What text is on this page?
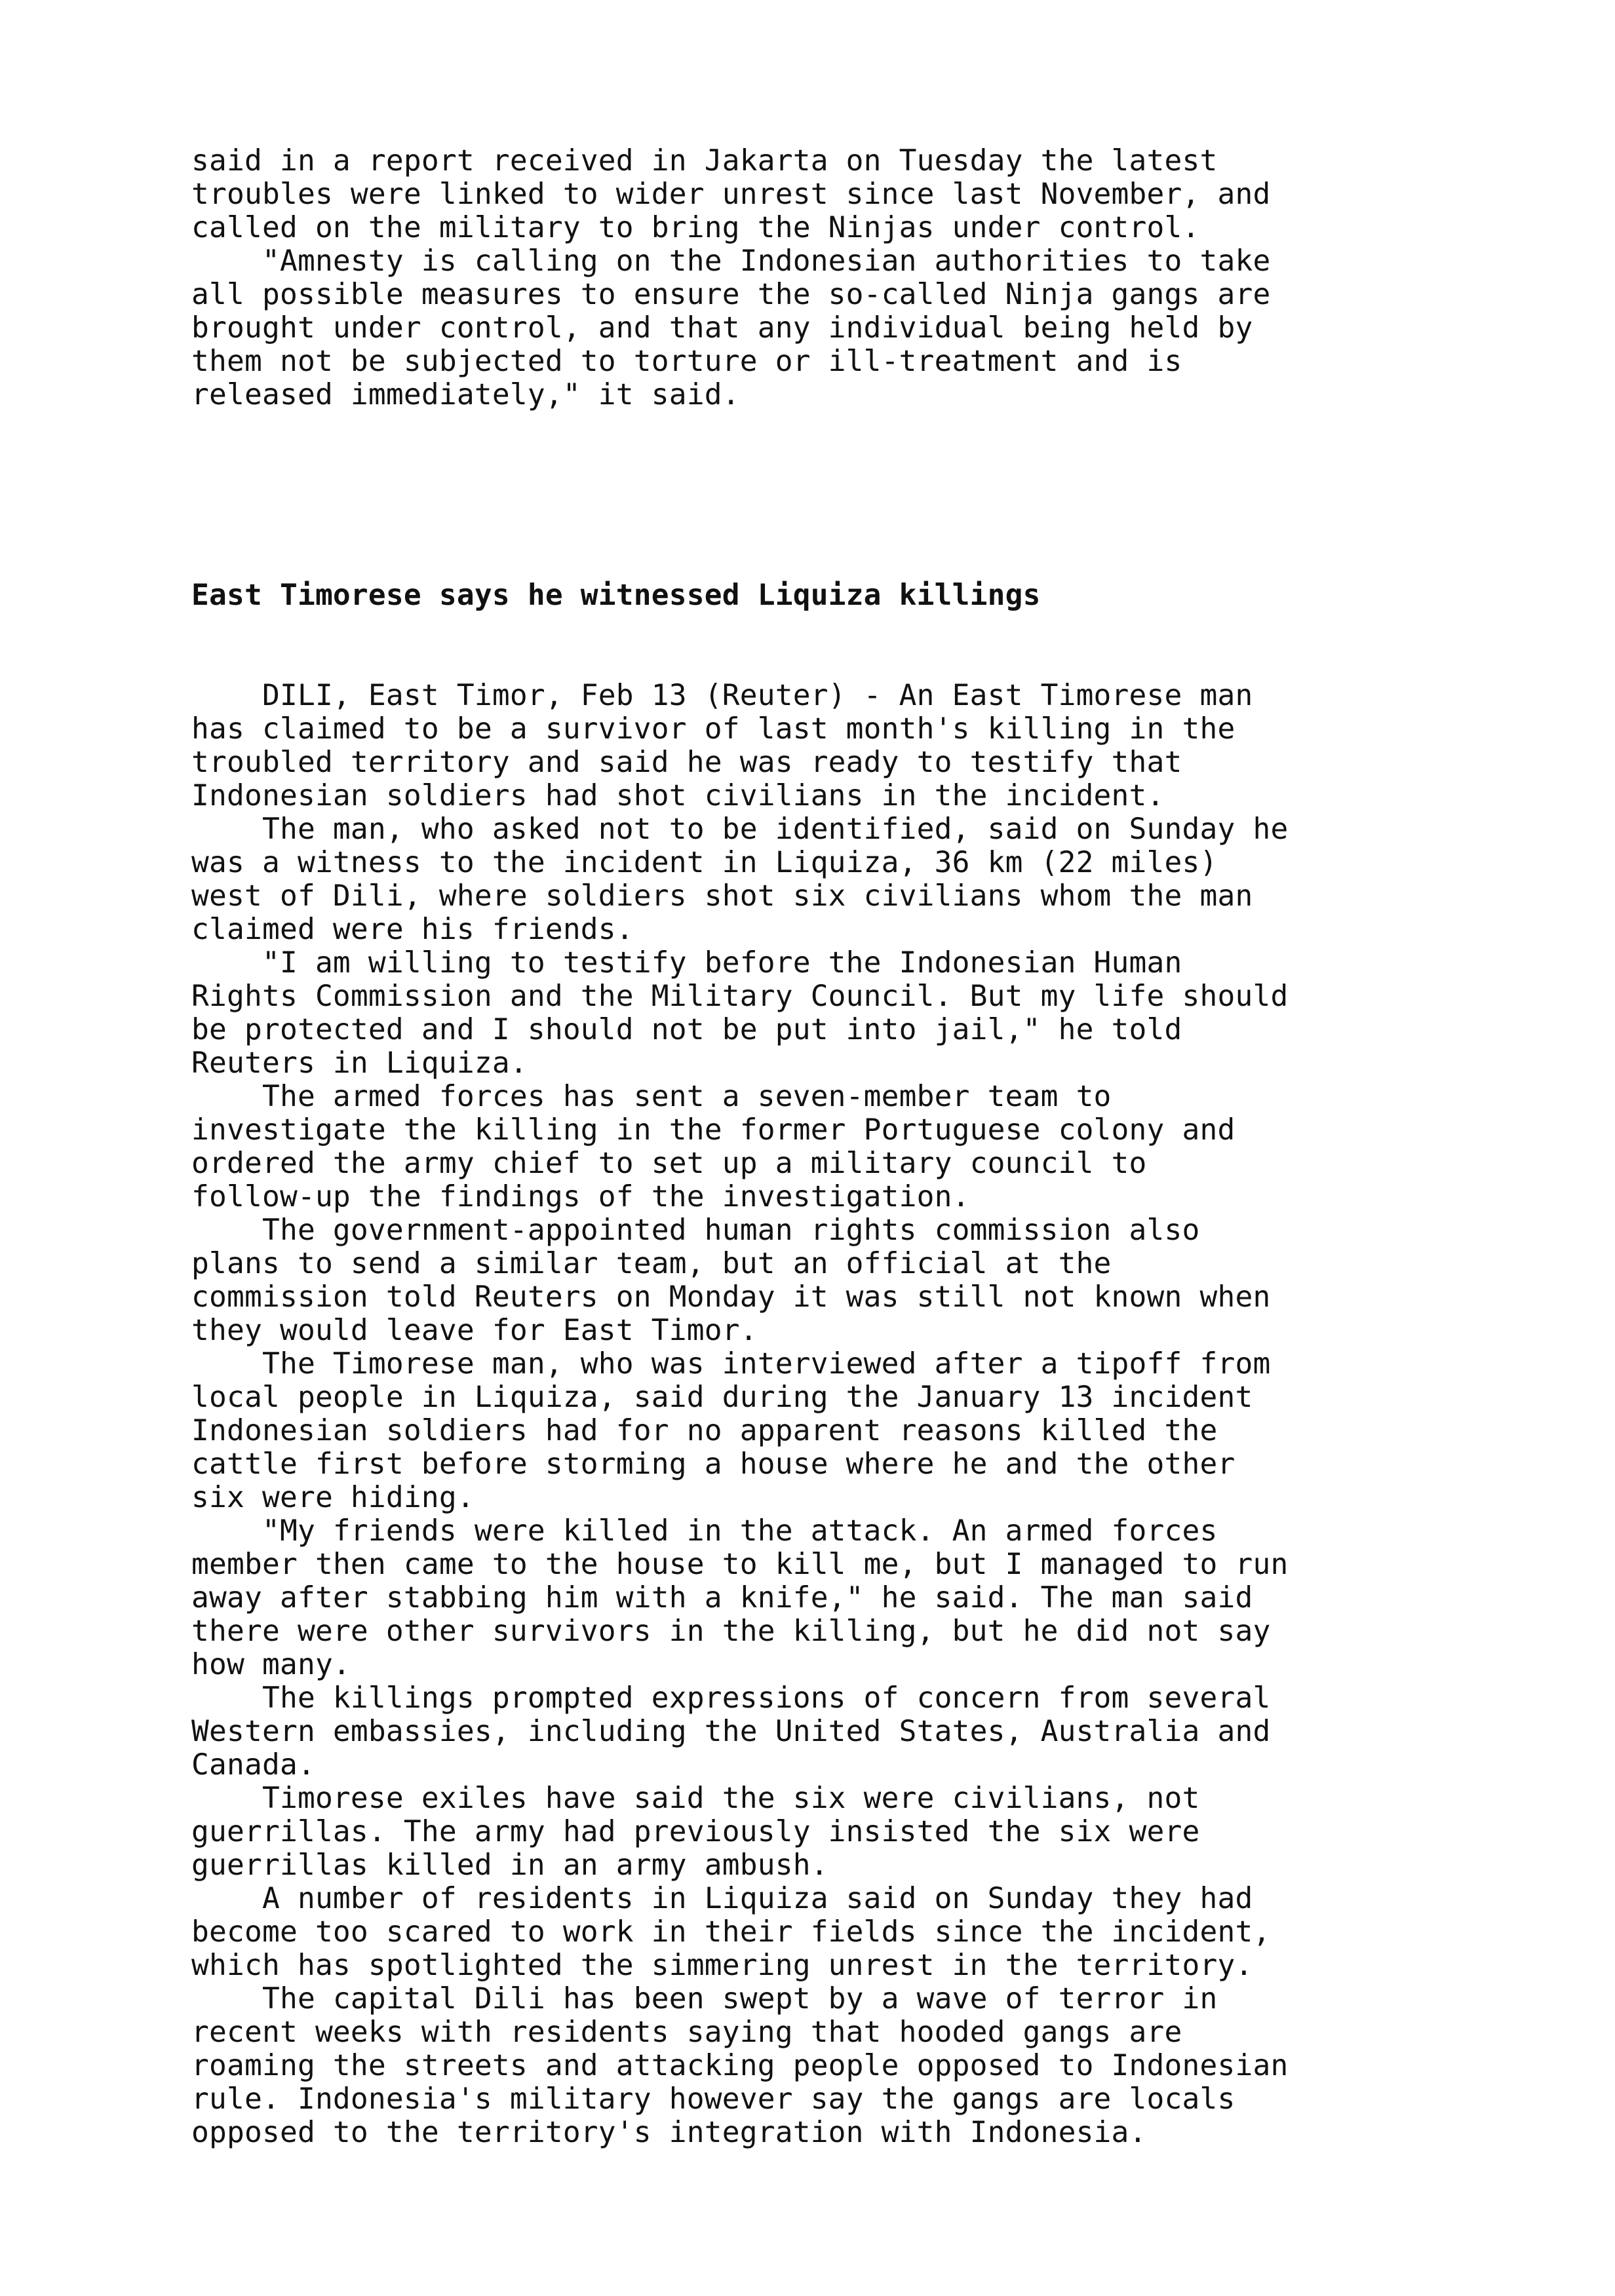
said in a report received in Jakarta on Tuesday the latest
troubles were linked to wider unrest since last November, and
called on the military to bring the Ninjas under control.
"Amnesty is calling on the Indonesian authorities to take
all possible measures to ensure the so-called Ninja gangs are
brought under control, and that any individual being held by
them not be subjected to torture or ill-treatment and is
released immediately," it said.

East Timorese says he witnessed Liquiza killings

DILI, East Timor, Feb 13 (Reuter) - An East Timorese man
has claimed to be a survivor of last month's killing in the
troubled territory and said he was ready to testify that
Indonesian soldiers had shot civilians in the incident.
The man, who asked not to be identified, said on Sunday he
was a witness to the incident in Liquiza, 36 km (22 miles)
west of Dili, where soldiers shot six civilians whom the man
claimed were his friends.
"I am willing to testify before the Indonesian Human
Rights Commission and the Military Council. But my life should
be protected and I should not be put into jail," he told
Reuters in Liquiza.
The armed forces has sent a seven-member team to
investigate the killing in the former Portuguese colony and
ordered the army chief to set up a military council to
follow-up the findings of the investigation.
The government-appointed human rights commission also
plans to send a similar team, but an official at the
commission told Reuters on Monday it was still not known when
they would leave for East Timor.
The Timorese man, who was interviewed after a tipoff from
local people in Liquiza, said during the January 13 incident
Indonesian soldiers had for no apparent reasons killed the
cattle first before storming a house where he and the other
six were hiding.
"My friends were killed in the attack. An armed forces
member then came to the house to kill me, but I managed to run
away after stabbing him with a knife," he said. The man said
there were other survivors in the killing, but he did not say
how many.
The killings prompted expressions of concern from several
Western embassies, including the United States, Australia and
Canada.
Timorese exiles have said the six were civilians, not
guerrillas. The army had previously insisted the six were
guerrillas killed in an army ambush.
A number of residents in Liquiza said on Sunday they had
become too scared to work in their fields since the incident,
which has spotlighted the simmering unrest in the territory.
The capital Dili has been swept by a wave of terror in
recent weeks with residents saying that hooded gangs are
roaming the streets and attacking people opposed to Indonesian
rule. Indonesia's military however say the gangs are locals
opposed to the territory's integration with Indonesia.
